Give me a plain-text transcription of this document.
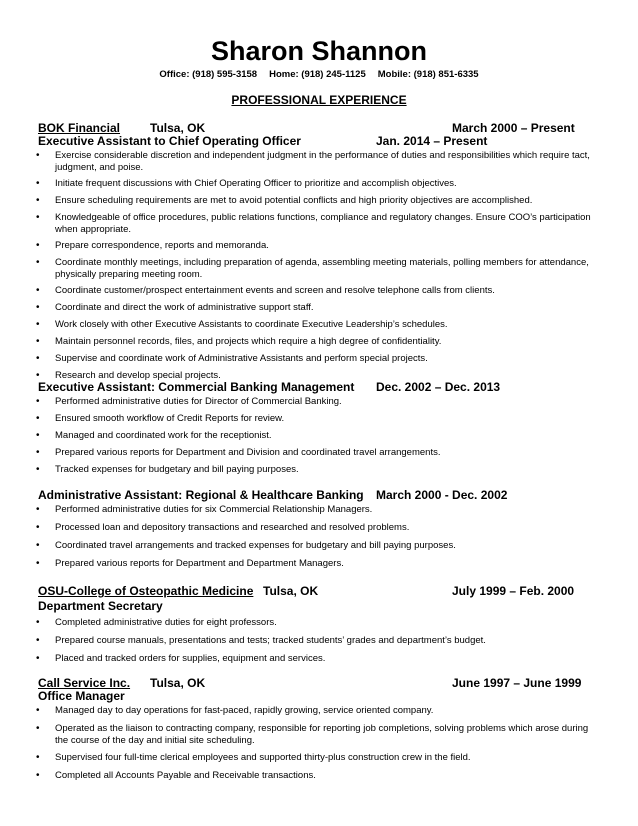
Sharon Shannon
Office: (918) 595-3158 Home: (918) 245-1125 Mobile: (918) 851-6335
PROFESSIONAL EXPERIENCE
BOK Financial Tulsa, OK	March 2000 – Present
Executive Assistant to Chief Operating Officer	Jan. 2014 – Present
• Exercise considerable discretion and independent judgment in the performance of duties and responsibilities which require tact, judgment, and poise.
• Initiate frequent discussions with Chief Operating Officer to prioritize and accomplish objectives.
• Ensure scheduling requirements are met to avoid potential conflicts and high priority objectives are accomplished.
• Knowledgeable of office procedures, public relations functions, compliance and regulatory changes. Ensure COO’s participation when appropriate.
• Prepare correspondence, reports and memoranda.
• Coordinate monthly meetings, including preparation of agenda, assembling meeting materials, polling members for attendance, physically preparing meeting room.
• Coordinate customer/prospect entertainment events and screen and resolve telephone calls from clients.
• Coordinate and direct the work of administrative support staff.
• Work closely with other Executive Assistants to coordinate Executive Leadership’s schedules.
• Maintain personnel records, files, and projects which require a high degree of confidentiality.
• Supervise and coordinate work of Administrative Assistants and perform special projects.
• Research and develop special projects.
Executive Assistant: Commercial Banking Management Dec. 2002 – Dec. 2013
• Performed administrative duties for Director of Commercial Banking.
• Ensured smooth workflow of Credit Reports for review.
• Managed and coordinated work for the receptionist.
• Prepared various reports for Department and Division and coordinated travel arrangements.
• Tracked expenses for budgetary and bill paying purposes.
Administrative Assistant: Regional & Healthcare Banking March 2000 - Dec. 2002
• Performed administrative duties for six Commercial Relationship Managers.
• Processed loan and depository transactions and researched and resolved problems.
• Coordinated travel arrangements and tracked expenses for budgetary and bill paying purposes.
• Prepared various reports for Department and Department Managers.
OSU-College of Osteopathic Medicine Tulsa, OK	July 1999 – Feb. 2000
Department Secretary
• Completed administrative duties for eight professors.
• Prepared course manuals, presentations and tests; tracked students’ grades and department’s budget.
• Placed and tracked orders for supplies, equipment and services.
Call Service Inc. Tulsa, OK	June 1997 – June 1999
Office Manager
• Managed day to day operations for fast-paced, rapidly growing, service oriented company.
• Operated as the liaison to contracting company, responsible for reporting job completions, solving problems which arose during the course of the day and initial site scheduling.
• Supervised four full-time clerical employees and supported thirty-plus construction crew in the field.
• Completed all Accounts Payable and Receivable transactions.
